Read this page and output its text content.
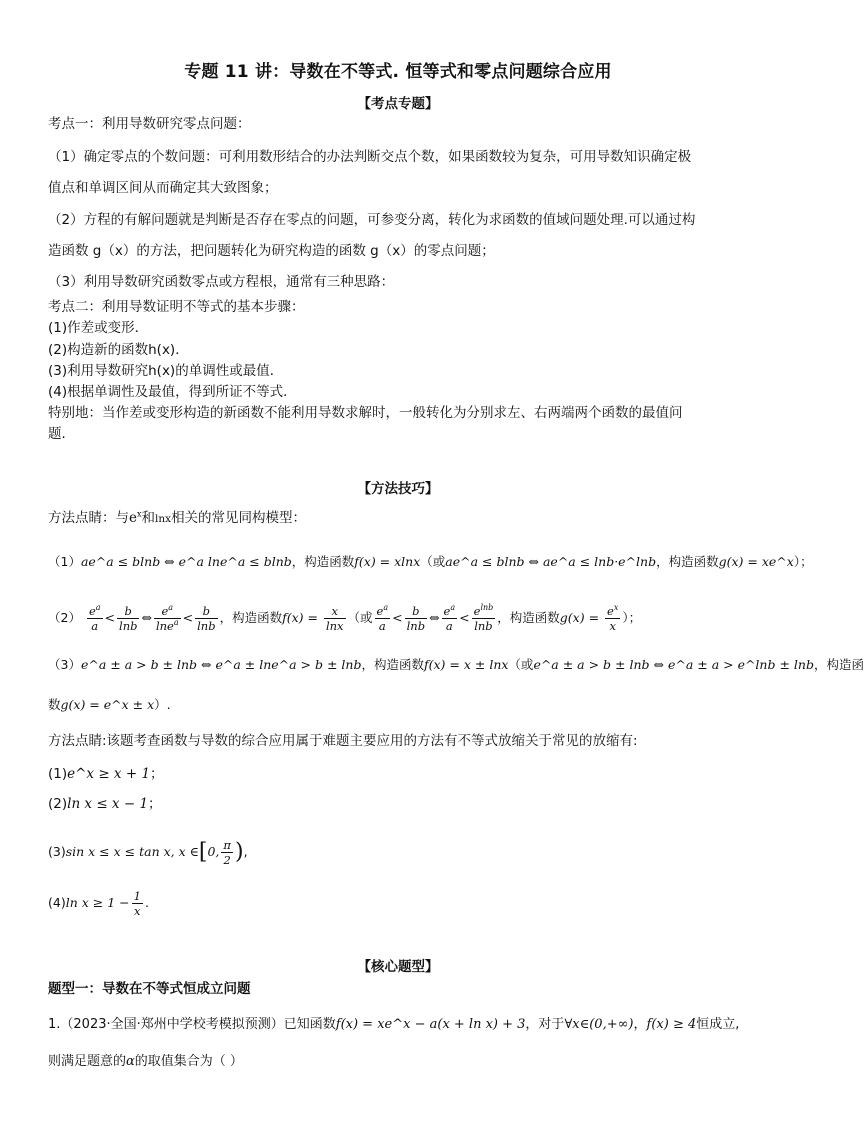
专题 11 讲：导数在不等式. 恒等式和零点问题综合应用
【考点专题】
考点一：利用导数研究零点问题：
（1）确定零点的个数问题：可利用数形结合的办法判断交点个数，如果函数较为复杂，可用导数知识确定极
值点和单调区间从而确定其大致图象；
（2）方程的有解问题就是判断是否存在零点的问题，可参变分离，转化为求函数的值域问题处理.可以通过构
造函数 g（x）的方法，把问题转化为研究构造的函数 g（x）的零点问题；
（3）利用导数研究函数零点或方程根，通常有三种思路：
考点二：利用导数证明不等式的基本步骤：
(1)作差或变形．
(2)构造新的函数h(x)．
(3)利用导数研究h(x)的单调性或最值．
(4)根据单调性及最值，得到所证不等式．
特别地：当作差或变形构造的新函数不能利用导数求解时，一般转化为分别求左、右两端两个函数的最值问
题．
【方法技巧】
方法点睛：与$e^x$和lnx相关的常见同构模型：
（1）ae^a ≤ blnb ⇔ e^a lne^a ≤ blnb，构造函数f(x) = xlnx（或ae^a ≤ blnb ⇔ ae^a ≤ lnb·e^lnb，构造函数g(x) = xe^x）；
$(2) \frac{e^a}{a} < \frac{b}{\ln b}$ ⇔ $\frac{e^a}{\ln e^a} < \frac{b}{\ln b}$ ，构造函数$f(x) = \frac{x}{\ln x}$ （或 $\frac{e^a}{a} < \frac{b}{\ln b}$ ⇔ $\frac{e^a}{a} < \frac{e^{lnb}}{\ln b}$ ，构造函数$g(x) = \frac{e^x}{x}$ ）；
（3）e^a ± a > b ± lnb ⇔ e^a ± lne^a > b ± lnb，构造函数f(x) = x ± lnx（或e^a ± a > b ± lnb ⇔ e^a ± a > e^lnb ± lnb，构造函
数g(x) = e^x ± x）.
方法点睛:该题考查函数与导数的综合应用属于难题主要应用的方法有不等式放缩关于常见的放缩有:
(1)e^x ≥ x + 1；
(2)ln x ≤ x − 1；
(3)sin x ≤ x ≤ tan x, x ∈[0, $\frac{\pi}{2}$ ),
(4)ln $x \ge 1 - \frac{1}{x}$ .
【核心题型】
题型一：导数在不等式恒成立问题
1.（2023·全国·郑州中学校考模拟预测）已知函数f(x) = xe^x − a(x + ln x) + 3，对于∀x∈(0,+∞)，f(x) ≥ 4恒成立,
则满足题意的α的取值集合为（ ）
